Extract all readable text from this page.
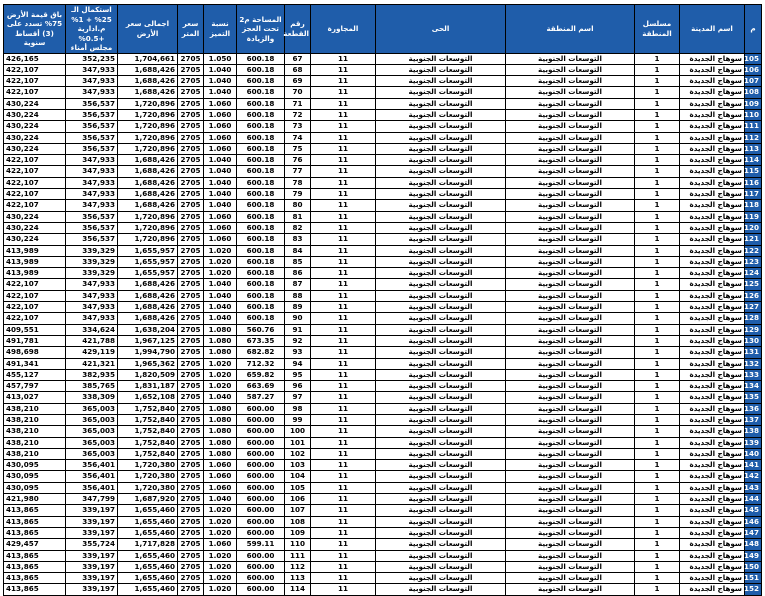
م	اسم المدينة	مسلسل المنطقة	اسم المنطقة	الحى	المجاورة	رقم القطعة	المساحة م2 تحت العجز والزيادة	نسبة التميز	سعر المتر	اجمالى سعر الأرض	استكمال الـ 25% + 1% م.ادارية +0.5% مجلس أمناء	باق قيمة الأرض 75% تسدد على (3) أقساط سنوية
1105	سوهاج الجديدة	1	التوسعات الجنوبية	التوسعات الجنوبية	11	67	600.18	1.050	2705	1,704,661	352,235	426,165
1106	سوهاج الجديدة	1	التوسعات الجنوبية	التوسعات الجنوبية	11	68	600.18	1.040	2705	1,688,426	347,933	422,107
1107	سوهاج الجديدة	1	التوسعات الجنوبية	التوسعات الجنوبية	11	69	600.18	1.040	2705	1,688,426	347,933	422,107
1108	سوهاج الجديدة	1	التوسعات الجنوبية	التوسعات الجنوبية	11	70	600.18	1.040	2705	1,688,426	347,933	422,107
1109	سوهاج الجديدة	1	التوسعات الجنوبية	التوسعات الجنوبية	11	71	600.18	1.060	2705	1,720,896	356,537	430,224
1110	سوهاج الجديدة	1	التوسعات الجنوبية	التوسعات الجنوبية	11	72	600.18	1.060	2705	1,720,896	356,537	430,224
1111	سوهاج الجديدة	1	التوسعات الجنوبية	التوسعات الجنوبية	11	73	600.18	1.060	2705	1,720,896	356,537	430,224
1112	سوهاج الجديدة	1	التوسعات الجنوبية	التوسعات الجنوبية	11	74	600.18	1.060	2705	1,720,896	356,537	430,224
1113	سوهاج الجديدة	1	التوسعات الجنوبية	التوسعات الجنوبية	11	75	600.18	1.060	2705	1,720,896	356,537	430,224
1114	سوهاج الجديدة	1	التوسعات الجنوبية	التوسعات الجنوبية	11	76	600.18	1.040	2705	1,688,426	347,933	422,107
1115	سوهاج الجديدة	1	التوسعات الجنوبية	التوسعات الجنوبية	11	77	600.18	1.040	2705	1,688,426	347,933	422,107
1116	سوهاج الجديدة	1	التوسعات الجنوبية	التوسعات الجنوبية	11	78	600.18	1.040	2705	1,688,426	347,933	422,107
1117	سوهاج الجديدة	1	التوسعات الجنوبية	التوسعات الجنوبية	11	79	600.18	1.040	2705	1,688,426	347,933	422,107
1118	سوهاج الجديدة	1	التوسعات الجنوبية	التوسعات الجنوبية	11	80	600.18	1.040	2705	1,688,426	347,933	422,107
1119	سوهاج الجديدة	1	التوسعات الجنوبية	التوسعات الجنوبية	11	81	600.18	1.060	2705	1,720,896	356,537	430,224
1120	سوهاج الجديدة	1	التوسعات الجنوبية	التوسعات الجنوبية	11	82	600.18	1.060	2705	1,720,896	356,537	430,224
1121	سوهاج الجديدة	1	التوسعات الجنوبية	التوسعات الجنوبية	11	83	600.18	1.060	2705	1,720,896	356,537	430,224
1122	سوهاج الجديدة	1	التوسعات الجنوبية	التوسعات الجنوبية	11	84	600.18	1.020	2705	1,655,957	339,329	413,989
1123	سوهاج الجديدة	1	التوسعات الجنوبية	التوسعات الجنوبية	11	85	600.18	1.020	2705	1,655,957	339,329	413,989
1124	سوهاج الجديدة	1	التوسعات الجنوبية	التوسعات الجنوبية	11	86	600.18	1.020	2705	1,655,957	339,329	413,989
1125	سوهاج الجديدة	1	التوسعات الجنوبية	التوسعات الجنوبية	11	87	600.18	1.040	2705	1,688,426	347,933	422,107
1126	سوهاج الجديدة	1	التوسعات الجنوبية	التوسعات الجنوبية	11	88	600.18	1.040	2705	1,688,426	347,933	422,107
1127	سوهاج الجديدة	1	التوسعات الجنوبية	التوسعات الجنوبية	11	89	600.18	1.040	2705	1,688,426	347,933	422,107
1128	سوهاج الجديدة	1	التوسعات الجنوبية	التوسعات الجنوبية	11	90	600.18	1.040	2705	1,688,426	347,933	422,107
1129	سوهاج الجديدة	1	التوسعات الجنوبية	التوسعات الجنوبية	11	91	560.76	1.080	2705	1,638,204	334,624	409,551
1130	سوهاج الجديدة	1	التوسعات الجنوبية	التوسعات الجنوبية	11	92	673.35	1.080	2705	1,967,125	421,788	491,781
1131	سوهاج الجديدة	1	التوسعات الجنوبية	التوسعات الجنوبية	11	93	682.82	1.080	2705	1,994,790	429,119	498,698
1132	سوهاج الجديدة	1	التوسعات الجنوبية	التوسعات الجنوبية	11	94	712.32	1.020	2705	1,965,362	421,321	491,341
1133	سوهاج الجديدة	1	التوسعات الجنوبية	التوسعات الجنوبية	11	95	659.82	1.020	2705	1,820,509	382,935	455,127
1134	سوهاج الجديدة	1	التوسعات الجنوبية	التوسعات الجنوبية	11	96	663.69	1.020	2705	1,831,187	385,765	457,797
1135	سوهاج الجديدة	1	التوسعات الجنوبية	التوسعات الجنوبية	11	97	587.27	1.040	2705	1,652,108	338,309	413,027
1136	سوهاج الجديدة	1	التوسعات الجنوبية	التوسعات الجنوبية	11	98	600.00	1.080	2705	1,752,840	365,003	438,210
1137	سوهاج الجديدة	1	التوسعات الجنوبية	التوسعات الجنوبية	11	99	600.00	1.080	2705	1,752,840	365,003	438,210
1138	سوهاج الجديدة	1	التوسعات الجنوبية	التوسعات الجنوبية	11	100	600.00	1.080	2705	1,752,840	365,003	438,210
1139	سوهاج الجديدة	1	التوسعات الجنوبية	التوسعات الجنوبية	11	101	600.00	1.080	2705	1,752,840	365,003	438,210
1140	سوهاج الجديدة	1	التوسعات الجنوبية	التوسعات الجنوبية	11	102	600.00	1.080	2705	1,752,840	365,003	438,210
1141	سوهاج الجديدة	1	التوسعات الجنوبية	التوسعات الجنوبية	11	103	600.00	1.060	2705	1,720,380	356,401	430,095
1142	سوهاج الجديدة	1	التوسعات الجنوبية	التوسعات الجنوبية	11	104	600.00	1.060	2705	1,720,380	356,401	430,095
1143	سوهاج الجديدة	1	التوسعات الجنوبية	التوسعات الجنوبية	11	105	600.00	1.060	2705	1,720,380	356,401	430,095
1144	سوهاج الجديدة	1	التوسعات الجنوبية	التوسعات الجنوبية	11	106	600.00	1.040	2705	1,687,920	347,799	421,980
1145	سوهاج الجديدة	1	التوسعات الجنوبية	التوسعات الجنوبية	11	107	600.00	1.020	2705	1,655,460	339,197	413,865
1146	سوهاج الجديدة	1	التوسعات الجنوبية	التوسعات الجنوبية	11	108	600.00	1.020	2705	1,655,460	339,197	413,865
1147	سوهاج الجديدة	1	التوسعات الجنوبية	التوسعات الجنوبية	11	109	600.00	1.020	2705	1,655,460	339,197	413,865
1148	سوهاج الجديدة	1	التوسعات الجنوبية	التوسعات الجنوبية	11	110	599.11	1.060	2705	1,717,828	355,724	429,457
1149	سوهاج الجديدة	1	التوسعات الجنوبية	التوسعات الجنوبية	11	111	600.00	1.020	2705	1,655,460	339,197	413,865
1150	سوهاج الجديدة	1	التوسعات الجنوبية	التوسعات الجنوبية	11	112	600.00	1.020	2705	1,655,460	339,197	413,865
1151	سوهاج الجديدة	1	التوسعات الجنوبية	التوسعات الجنوبية	11	113	600.00	1.020	2705	1,655,460	339,197	413,865
1152	سوهاج الجديدة	1	التوسعات الجنوبية	التوسعات الجنوبية	11	114	600.00	1.020	2705	1,655,460	339,197	413,865
